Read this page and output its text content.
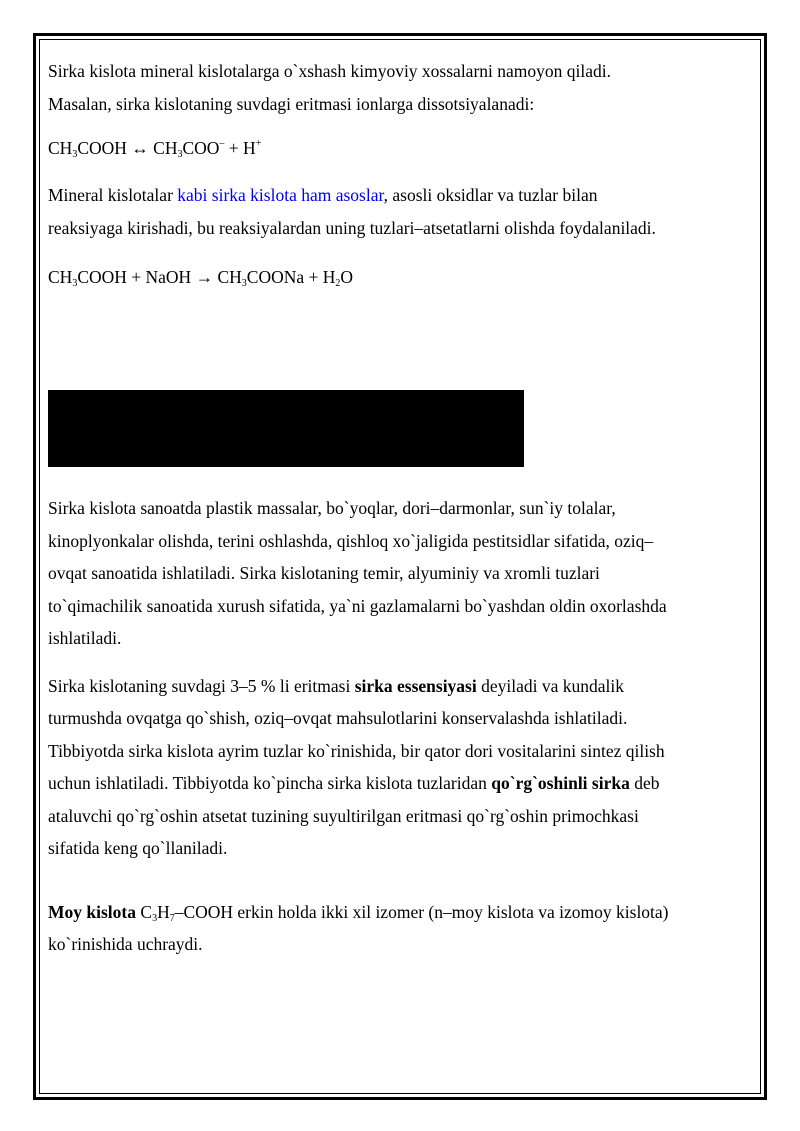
Sirka kislota mineral kislotalarga o`xshash kimyoviy xossalarni namoyon qiladi.
Masalan, sirka kislotaning suvdagi eritmasi ionlarga dissotsiyalanadi:

$CH_3COOH$ ↔ $CH_3COO^- + H^+$

Mineral kislotalar kabi sirka kislota ham asoslar, asosli oksidlar va tuzlar bilan
reaksiyaga kirishadi, bu reaksiyalardan uning tuzlari–atsetatlarni olishda foydalaniladi.

$CH_3COOH$ + NaOH → $CH_3COONa + H_2O$

Sirka kislota sanoatda plastik massalar, bo`yoqlar, dori–darmonlar, sun`iy tolalar,
kinoplyonkalar olishda, terini oshlashda, qishloq xo`jaligida pestitsidlar sifatida, oziq–
ovqat sanoatida ishlatiladi. Sirka kislotaning temir, alyuminiy va xromli tuzlari
to`qimachilik sanoatida xurush sifatida, ya`ni gazlamalarni bo`yashdan oldin oxorlashda
ishlatiladi.

Sirka kislotaning suvdagi 3–5 % li eritmasi sirka essensiyasi deyiladi va kundalik
turmushda ovqatga qo`shish, oziq–ovqat mahsulotlarini konservalashda ishlatiladi.
Tibbiyotda sirka kislota ayrim tuzlar ko`rinishida, bir qator dori vositalarini sintez qilish
uchun ishlatiladi. Tibbiyotda ko`pincha sirka kislota tuzlaridan qo`rg`oshinli sirka deb
ataluvchi qo`rg`oshin atsetat tuzining suyultirilgan eritmasi qo`rg`oshin primochkasi
sifatida keng qo`llaniladi.

Moy kislota C3H7–COOH erkin holda ikki xil izomer (n–moy kislota va izomoy kislota)
ko`rinishida uchraydi.
